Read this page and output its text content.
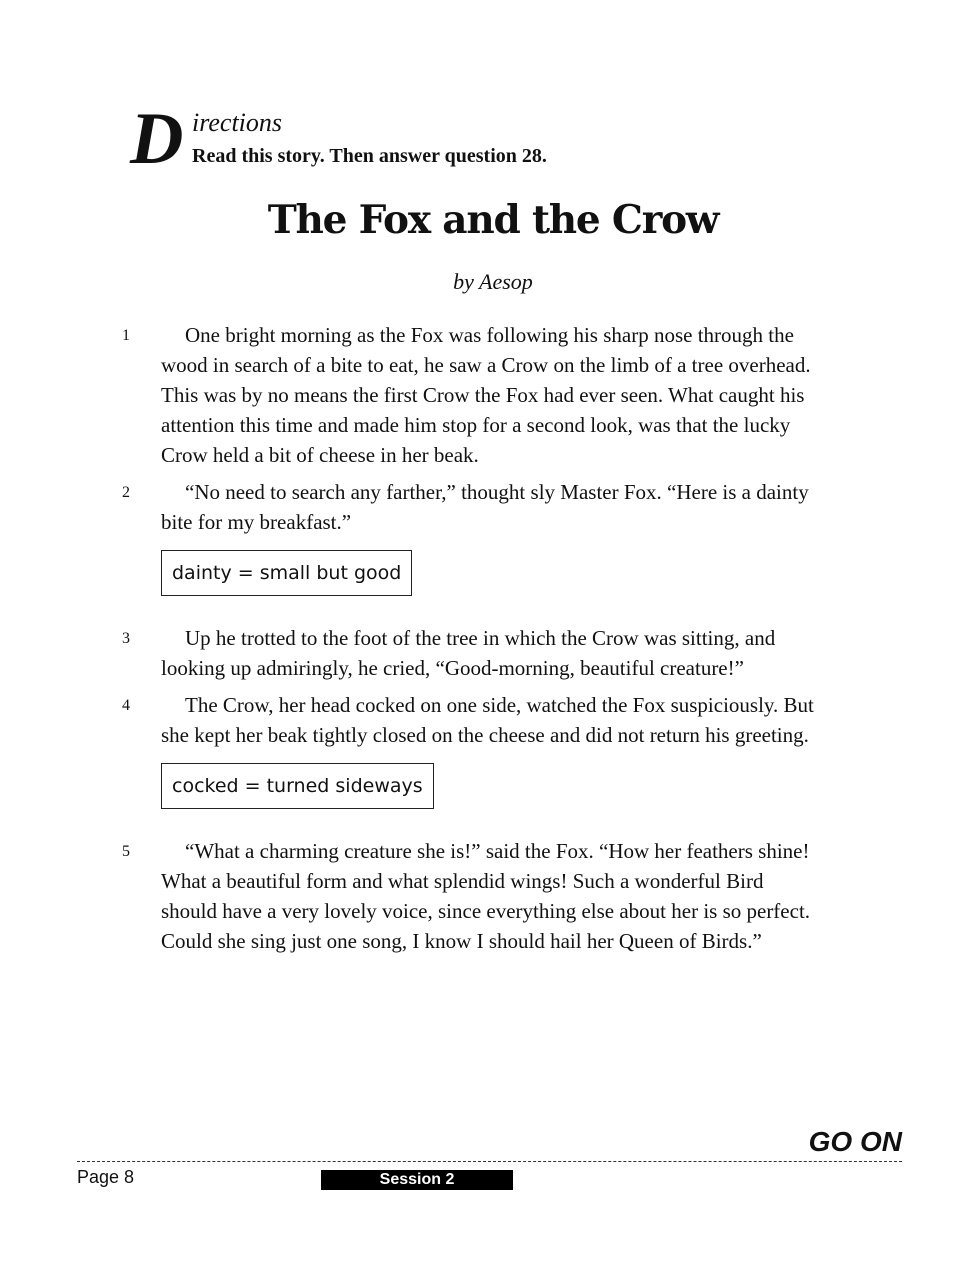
D irections
Read this story. Then answer question 28.
The Fox and the Crow
by Aesop
1	One bright morning as the Fox was following his sharp nose through the wood in search of a bite to eat, he saw a Crow on the limb of a tree overhead. This was by no means the first Crow the Fox had ever seen. What caught his attention this time and made him stop for a second look, was that the lucky Crow held a bit of cheese in her beak.

2	“No need to search any farther,” thought sly Master Fox. “Here is a dainty bite for my breakfast.”

dainty = small but good
3	Up he trotted to the foot of the tree in which the Crow was sitting, and looking up admiringly, he cried, “Good-morning, beautiful creature!”

4	The Crow, her head cocked on one side, watched the Fox suspiciously. But she kept her beak tightly closed on the cheese and did not return his greeting.

cocked = turned sideways
5	“What a charming creature she is!” said the Fox. “How her feathers shine! What a beautiful form and what splendid wings! Such a wonderful Bird should have a very lovely voice, since everything else about her is so perfect. Could she sing just one song, I know I should hail her Queen of Birds.”

GO ON
Page 8	Session 2
